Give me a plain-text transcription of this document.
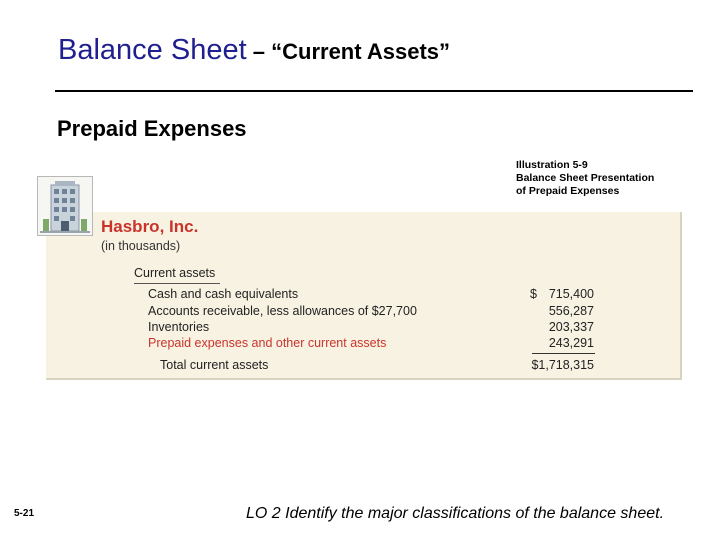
Balance Sheet – “Current Assets”
Prepaid Expenses
Illustration 5-9
Balance Sheet Presentation
of Prepaid Expenses
Hasbro, Inc.
(in thousands)
Current assets
Cash and cash equivalents	$ 715,400
Accounts receivable, less allowances of $27,700	556,287
Inventories	203,337
Prepaid expenses and other current assets	243,291
Total current assets	$1,718,315
5-21	LO 2 Identify the major classifications of the balance sheet.
